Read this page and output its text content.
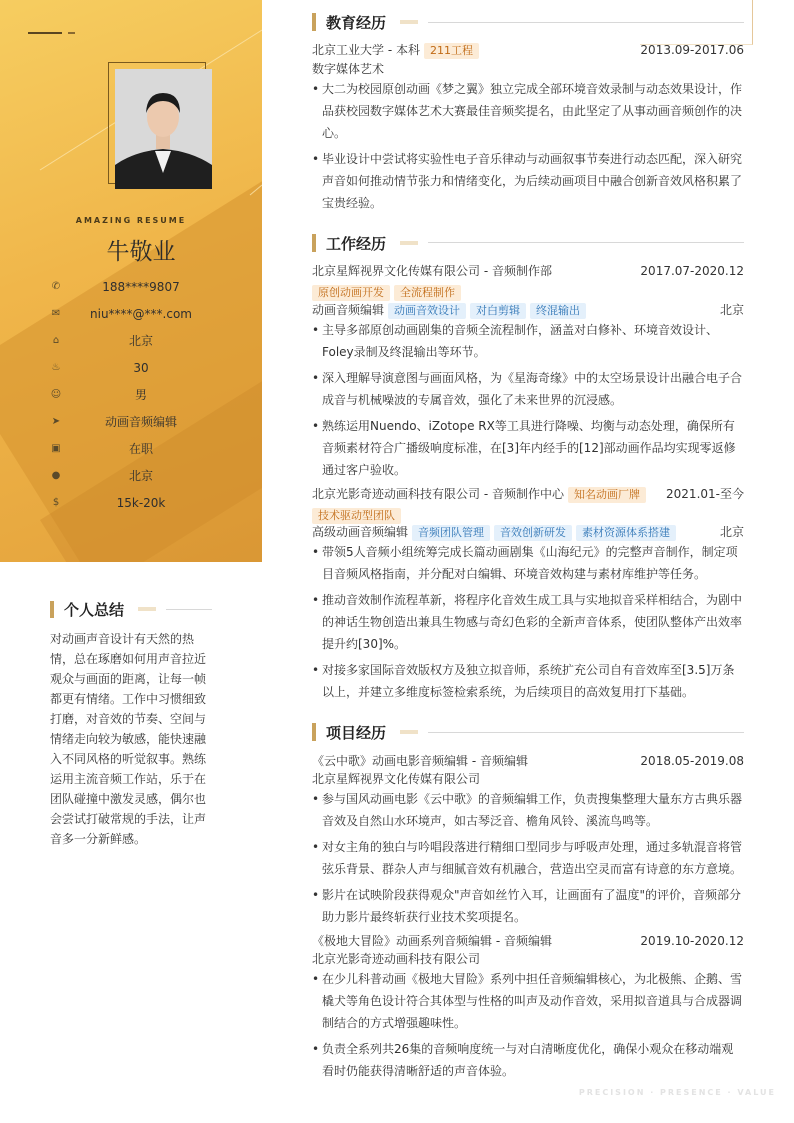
AMAZING RESUME
牛敬业
✆	188****9807
✉	niu****@***.com
⌂	北京
♨	30
☺	男
➤	动画音频编辑
▣	在职
●	北京
$	15k-20k
个人总结
对动画声音设计有天然的热情，总在琢磨如何用声音拉近观众与画面的距离，让每一帧都更有情绪。工作中习惯细致打磨，对音效的节奏、空间与情绪走向较为敏感，能快速融入不同风格的听觉叙事。熟练运用主流音频工作站，乐于在团队碰撞中激发灵感，偶尔也会尝试打破常规的手法，让声音多一分新鲜感。
教育经历
北京工业大学 - 本科 211工程	2013.09-2017.06
数字媒体艺术
• 大二为校园原创动画《梦之翼》独立完成全部环境音效录制与动态效果设计，作品获校园数字媒体艺术大赛最佳音频奖提名，由此坚定了从事动画音频创作的决心。
• 毕业设计中尝试将实验性电子音乐律动与动画叙事节奏进行动态匹配，深入研究声音如何推动情节张力和情绪变化，为后续动画项目中融合创新音效风格积累了宝贵经验。
工作经历
北京星辉视界文化传媒有限公司 - 音频制作部	2017.07-2020.12
原创动画开发 全流程制作
动画音频编辑 动画音效设计 对白剪辑 终混输出	北京
• 主导多部原创动画剧集的音频全流程制作，涵盖对白修补、环境音效设计、Foley录制及终混输出等环节。
• 深入理解导演意图与画面风格，为《星海奇缘》中的太空场景设计出融合电子合成音与机械噪波的专属音效，强化了未来世界的沉浸感。
• 熟练运用Nuendo、iZotope RX等工具进行降噪、均衡与动态处理，确保所有音频素材符合广播级响度标准，在[3]年内经手的[12]部动画作品均实现零返修通过客户验收。
北京光影奇迹动画科技有限公司 - 音频制作中心 知名动画厂牌 2021.01-至今
技术驱动型团队
高级动画音频编辑 音频团队管理 音效创新研发 素材资源体系搭建	北京
• 带领5人音频小组统筹完成长篇动画剧集《山海纪元》的完整声音制作，制定项目音频风格指南，并分配对白编辑、环境音效构建与素材库维护等任务。
• 推动音效制作流程革新，将程序化音效生成工具与实地拟音采样相结合，为剧中的神话生物创造出兼具生物感与奇幻色彩的全新声音体系，使团队整体产出效率提升约[30]%。
• 对接多家国际音效版权方及独立拟音师，系统扩充公司自有音效库至[3.5]万条以上，并建立多维度标签检索系统，为后续项目的高效复用打下基础。
项目经历
《云中歌》动画电影音频编辑 - 音频编辑	2018.05-2019.08
北京星辉视界文化传媒有限公司
• 参与国风动画电影《云中歌》的音频编辑工作，负责搜集整理大量东方古典乐器音效及自然山水环境声，如古琴泛音、檐角风铃、溪流鸟鸣等。
• 对女主角的独白与吟唱段落进行精细口型同步与呼吸声处理，通过多轨混音将管弦乐背景、群杂人声与细腻音效有机融合，营造出空灵而富有诗意的东方意境。
• 影片在试映阶段获得观众"声音如丝竹入耳，让画面有了温度"的评价，音频部分助力影片最终斩获行业技术奖项提名。
《极地大冒险》动画系列音频编辑 - 音频编辑	2019.10-2020.12
北京光影奇迹动画科技有限公司
• 在少儿科普动画《极地大冒险》系列中担任音频编辑核心，为北极熊、企鹅、雪橇犬等角色设计符合其体型与性格的叫声及动作音效，采用拟音道具与合成器调制结合的方式增强趣味性。
• 负责全系列共26集的音频响度统一与对白清晰度优化，确保小观众在移动端观看时仍能获得清晰舒适的声音体验。
PRECISION · PRESENCE · VALUE
